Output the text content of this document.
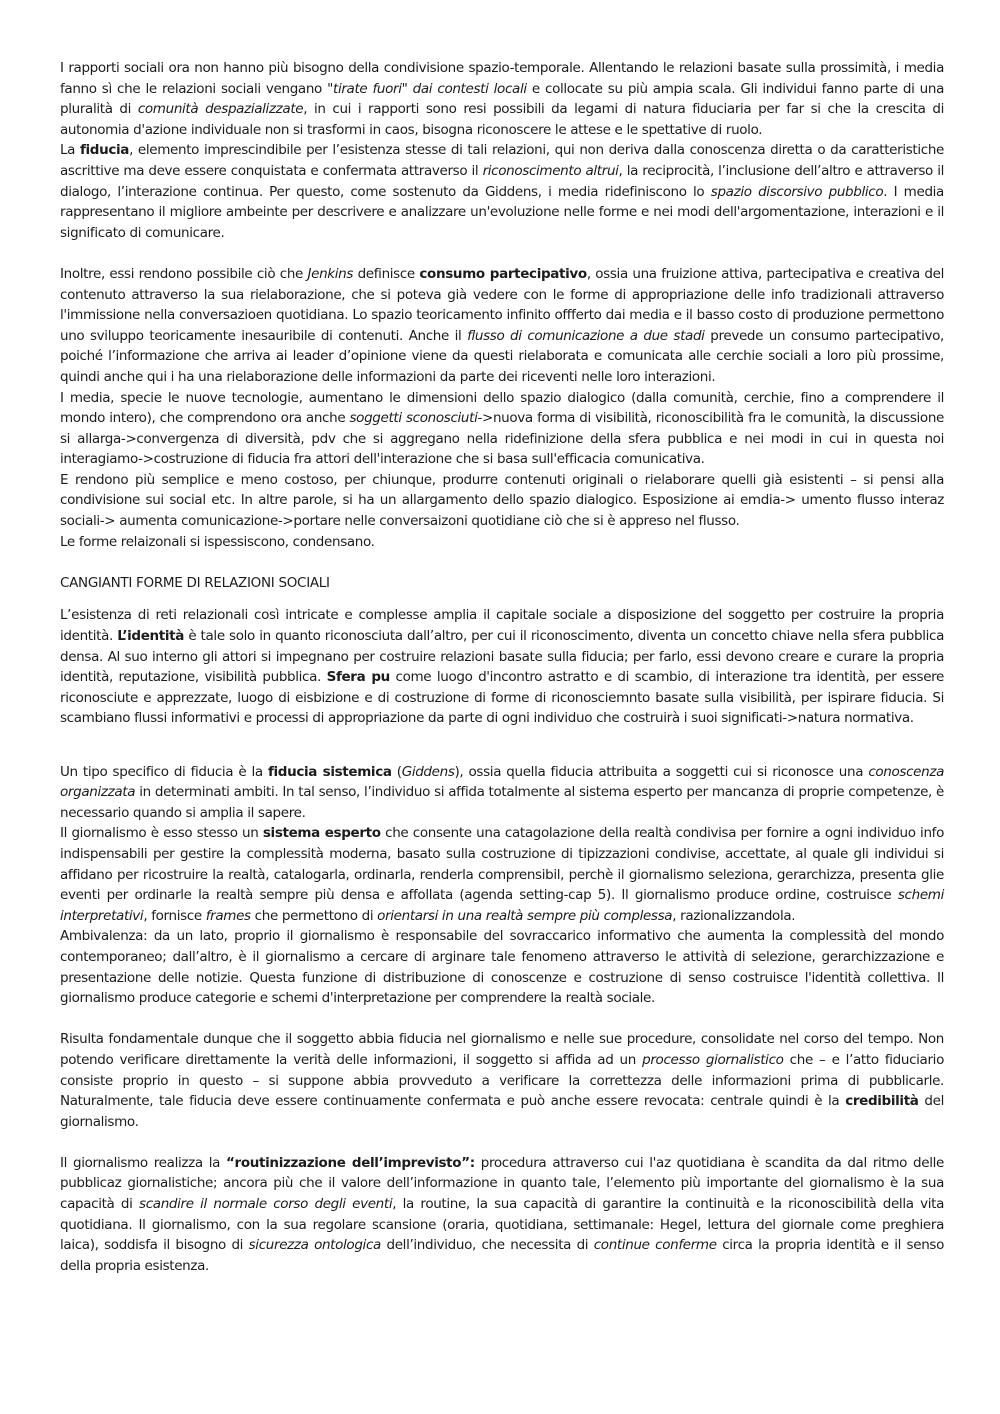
I rapporti sociali ora non hanno più bisogno della condivisione spazio-temporale. Allentando le relazioni basate sulla prossimità, i media fanno sì che le relazioni sociali vengano "tirate fuori" dai contesti locali e collocate su più ampia scala. Gli individui fanno parte di una pluralità di comunità despazializzate, in cui i rapporti sono resi possibili da legami di natura fiduciaria per far si che la crescita di autonomia d'azione individuale non si trasformi in caos, bisogna riconoscere le attese e le spettative di ruolo.

La fiducia, elemento imprescindibile per l’esistenza stesse di tali relazioni, qui non deriva dalla conoscenza diretta o da caratteristiche ascrittive ma deve essere conquistata e confermata attraverso il riconoscimento altrui, la reciprocità, l’inclusione dell’altro e attraverso il dialogo, l’interazione continua. Per questo, come sostenuto da Giddens, i media ridefiniscono lo spazio discorsivo pubblico. I media rappresentano il migliore ambeinte per descrivere e analizzare un'evoluzione nelle forme e nei modi dell'argomentazione, interazioni e il significato di comunicare.

Inoltre, essi rendono possibile ciò che Jenkins definisce consumo partecipativo, ossia una fruizione attiva, partecipativa e creativa del contenuto attraverso la sua rielaborazione, che si poteva già vedere con le forme di appropriazione delle info tradizionali attraverso l'immissione nella conversazioen quotidiana. Lo spazio teoricamento infinito offferto dai media e il basso costo di produzione permettono uno sviluppo teoricamente inesauribile di contenuti. Anche il flusso di comunicazione a due stadi prevede un consumo partecipativo, poiché l’informazione che arriva ai leader d’opinione viene da questi rielaborata e comunicata alle cerchie sociali a loro più prossime, quindi anche qui i ha una rielaborazione delle informazioni da parte dei riceventi nelle loro interazioni.

I media, specie le nuove tecnologie, aumentano le dimensioni dello spazio dialogico (dalla comunità, cerchie, fino a comprendere il mondo intero), che comprendono ora anche soggetti sconosciuti->nuova forma di visibilità, riconoscibilità fra le comunità, la discussione si allarga->convergenza di diversità, pdv che si aggregano nella ridefinizione della sfera pubblica e nei modi in cui in questa noi interagiamo->costruzione di fiducia fra attori dell'interazione che si basa sull'efficacia comunicativa.

E rendono più semplice e meno costoso, per chiunque, produrre contenuti originali o rielaborare quelli già esistenti – si pensi alla condivisione sui social etc. In altre parole, si ha un allargamento dello spazio dialogico. Esposizione ai emdia-> umento flusso interaz sociali-> aumenta comunicazione->portare nelle conversaizoni quotidiane ciò che si è appreso nel flusso.

Le forme relaizonali si ispessiscono, condensano.

CANGIANTI FORME DI RELAZIONI SOCIALI

L’esistenza di reti relazionali così intricate e complesse amplia il capitale sociale a disposizione del soggetto per costruire la propria identità. L’identità è tale solo in quanto riconosciuta dall’altro, per cui il riconoscimento, diventa un concetto chiave nella sfera pubblica densa. Al suo interno gli attori si impegnano per costruire relazioni basate sulla fiducia; per farlo, essi devono creare e curare la propria identità, reputazione, visibilità pubblica. Sfera pu come luogo d'incontro astratto e di scambio, di interazione tra identità, per essere riconosciute e apprezzate, luogo di eisbizione e di costruzione di forme di riconosciemnto basate sulla visibilità, per ispirare fiducia. Si scambiano flussi informativi e processi di appropriazione da parte di ogni individuo che costruirà i suoi significati->natura normativa.

Un tipo specifico di fiducia è la fiducia sistemica (Giddens), ossia quella fiducia attribuita a soggetti cui si riconosce una conoscenza organizzata in determinati ambiti. In tal senso, l’individuo si affida totalmente al sistema esperto per mancanza di proprie competenze, è necessario quando si amplia il sapere.

Il giornalismo è esso stesso un sistema esperto che consente una catagolazione della realtà condivisa per fornire a ogni individuo info indispensabili per gestire la complessità moderna, basato sulla costruzione di tipizzazioni condivise, accettate, al quale gli individui si affidano per ricostruire la realtà, catalogarla, ordinarla, renderla comprensibil, perchè il giornalismo seleziona, gerarchizza, presenta glie eventi per ordinarle la realtà sempre più densa e affollata (agenda setting-cap 5). Il giornalismo produce ordine, costruisce schemi interpretativi, fornisce frames che permettono di orientarsi in una realtà sempre più complessa, razionalizzandola.

Ambivalenza: da un lato, proprio il giornalismo è responsabile del sovraccarico informativo che aumenta la complessità del mondo contemporaneo; dall’altro, è il giornalismo a cercare di arginare tale fenomeno attraverso le attività di selezione, gerarchizzazione e presentazione delle notizie. Questa funzione di distribuzione di conoscenze e costruzione di senso costruisce l'identità collettiva. Il giornalismo produce categorie e schemi d'interpretazione per comprendere la realtà sociale.

Risulta fondamentale dunque che il soggetto abbia fiducia nel giornalismo e nelle sue procedure, consolidate nel corso del tempo. Non potendo verificare direttamente la verità delle informazioni, il soggetto si affida ad un processo giornalistico che – e l’atto fiduciario consiste proprio in questo – si suppone abbia provveduto a verificare la correttezza delle informazioni prima di pubblicarle. Naturalmente, tale fiducia deve essere continuamente confermata e può anche essere revocata: centrale quindi è la credibilità del giornalismo.

Il giornalismo realizza la “routinizzazione dell’imprevisto”: procedura attraverso cui l'az quotidiana è scandita da dal ritmo delle pubblicaz giornalistiche; ancora più che il valore dell’informazione in quanto tale, l’elemento più importante del giornalismo è la sua capacità di scandire il normale corso degli eventi, la routine, la sua capacità di garantire la continuità e la riconoscibilità della vita quotidiana. Il giornalismo, con la sua regolare scansione (oraria, quotidiana, settimanale: Hegel, lettura del giornale come preghiera laica), soddisfa il bisogno di sicurezza ontologica dell’individuo, che necessita di continue conferme circa la propria identità e il senso della propria esistenza.
